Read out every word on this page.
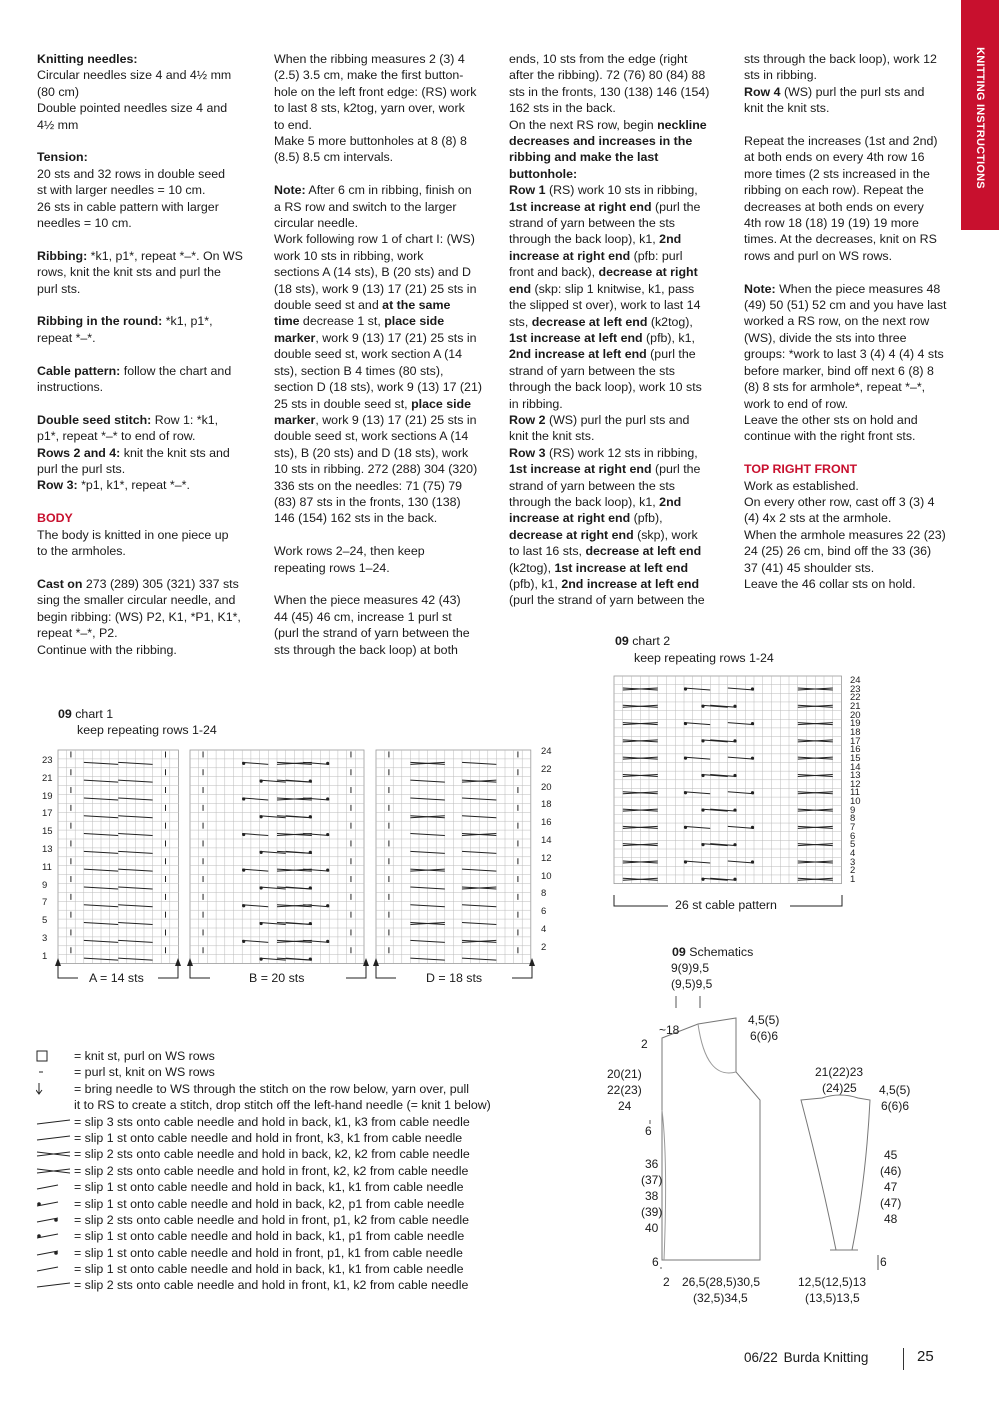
KNITTING INSTRUCTIONS

Knitting needles:

Circular needles size 4 and 4½ mm

(80 cm)

Double pointed needles size 4 and

4½ mm

Tension:

20 sts and 32 rows in double seed

st with larger needles = 10 cm.

26 sts in cable pattern with larger

needles = 10 cm.

Ribbing: *k1, p1*, repeat *–*. On WS

rows, knit the knit sts and purl the

purl sts.

Ribbing in the round: *k1, p1*,

repeat *–*.

Cable pattern: follow the chart and

instructions.

Double seed stitch: Row 1: *k1,

p1*, repeat *–* to end of row.

Rows 2 and 4: knit the knit sts and

purl the purl sts.

Row 3: *p1, k1*, repeat *–*.

BODY

The body is knitted in one piece up

to the armholes.

Cast on 273 (289) 305 (321) 337 sts

sing the smaller circular needle, and

begin ribbing: (WS) P2, K1, *P1, K1*,

repeat *–*, P2.

Continue with the ribbing.

When the ribbing measures 2 (3) 4

(2.5) 3.5 cm, make the first button-

hole on the left front edge: (RS) work

to last 8 sts, k2tog, yarn over, work

to end.

Make 5 more buttonholes at 8 (8) 8

(8.5) 8.5 cm intervals.

Note: After 6 cm in ribbing, finish on

a RS row and switch to the larger

circular needle.

Work following row 1 of chart I: (WS)

work 10 sts in ribbing, work

sections A (14 sts), B (20 sts) and D

(18 sts), work 9 (13) 17 (21) 25 sts in

double seed st and at the same

time decrease 1 st, place side

marker, work 9 (13) 17 (21) 25 sts in

double seed st, work section A (14

sts), section B 4 times (80 sts),

section D (18 sts), work 9 (13) 17 (21)

25 sts in double seed st, place side

marker, work 9 (13) 17 (21) 25 sts in

double seed st, work sections A (14

sts), B (20 sts) and D (18 sts), work

10 sts in ribbing. 272 (288) 304 (320)

336 sts on the needles: 71 (75) 79

(83) 87 sts in the fronts, 130 (138)

146 (154) 162 sts in the back.

Work rows 2–24, then keep

repeating rows 1–24.

When the piece measures 42 (43)

44 (45) 46 cm, increase 1 purl st

(purl the strand of yarn between the

sts through the back loop) at both

ends, 10 sts from the edge (right

after the ribbing). 72 (76) 80 (84) 88

sts in the fronts, 130 (138) 146 (154)

162 sts in the back.

On the next RS row, begin neckline

decreases and increases in the

ribbing and make the last

buttonhole:

Row 1 (RS) work 10 sts in ribbing,

1st increase at right end (purl the

strand of yarn between the sts

through the back loop), k1, 2nd

increase at right end (pfb: purl

front and back), decrease at right

end (skp: slip 1 knitwise, k1, pass

the slipped st over), work to last 14

sts, decrease at left end (k2tog),

1st increase at left end (pfb), k1,

2nd increase at left end (purl the

strand of yarn between the sts

through the back loop), work 10 sts

in ribbing.

Row 2 (WS) purl the purl sts and

knit the knit sts.

Row 3 (RS) work 12 sts in ribbing,

1st increase at right end (purl the

strand of yarn between the sts

through the back loop), k1, 2nd

increase at right end (pfb),

decrease at right end (skp), work

to last 16 sts, decrease at left end

(k2tog), 1st increase at left end

(pfb), k1, 2nd increase at left end

(purl the strand of yarn between the

sts through the back loop), work 12

sts in ribbing.

Row 4 (WS) purl the purl sts and

knit the knit sts.

Repeat the increases (1st and 2nd)

at both ends on every 4th row 16

more times (2 sts increased in the

ribbing on each row). Repeat the

decreases at both ends on every

4th row 18 (18) 19 (19) 19 more

times. At the decreases, knit on RS

rows and purl on WS rows.

Note: When the piece measures 48

(49) 50 (51) 52 cm and you have last

worked a RS row, on the next row

(WS), divide the sts into three

groups: *work to last 3 (4) 4 (4) 4 sts

before marker, bind off next 6 (8) 8

(8) 8 sts for armhole*, repeat *–*,

work to end of row.

Leave the other sts on hold and

continue with the right front sts.

TOP RIGHT FRONT

Work as established.

On every other row, cast off 3 (3) 4

(4) 4x 2 sts at the armhole.

When the armhole measures 22 (23)

24 (25) 26 cm, bind off the 33 (36)

37 (41) 45 shoulder sts.

Leave the 46 collar sts on hold.

09 chart 1
keep repeating rows 1-24
23
21
19
17
15
13
11
9
7
5
3
1
24
22
20
18
16
14
12
10
8
6
4
2
A = 14 sts	B = 20 sts	D = 18 sts
09 chart 2
keep repeating rows 1-24
24
23
22
21
20
19
18
17
16
15
14
13
12
11
10
9
8
7
6
5
4
3
2
1
26 st cable pattern
09 Schematics
9(9)9,5
(9,5)9,5
~18
2
4,5(5)
6(6)6
20(21)
22(23)
24
6
36
(37)
38
(39)
40
6
2 26,5(28,5)30,5
(32,5)34,5
21(22)23
(24)25 4,5(5)
6(6)6
45
(46)
47
(47)
48
6
12,5(12,5)13
(13,5)13,5
= knit st, purl on WS rows
= purl st, knit on WS rows
= bring needle to WS through the stitch on the row below, yarn over, pull
it to RS to create a stitch, drop stitch off the left-hand needle (= knit 1 below)
= slip 3 sts onto cable needle and hold in back, k1, k3 from cable needle
= slip 1 st onto cable needle and hold in front, k3, k1 from cable needle
= slip 2 sts onto cable needle and hold in back, k2, k2 from cable needle
= slip 2 sts onto cable needle and hold in front, k2, k2 from cable needle
= slip 1 st onto cable needle and hold in back, k1, k1 from cable needle
= slip 1 st onto cable needle and hold in back, k2, p1 from cable needle
= slip 2 sts onto cable needle and hold in front, p1, k2 from cable needle
= slip 1 st onto cable needle and hold in back, k1, p1 from cable needle
= slip 1 st onto cable needle and hold in front, p1, k1 from cable needle
= slip 1 st onto cable needle and hold in back, k1, k1 from cable needle
= slip 2 sts onto cable needle and hold in front, k1, k2 from cable needle
06/22 Burda Knitting	25
